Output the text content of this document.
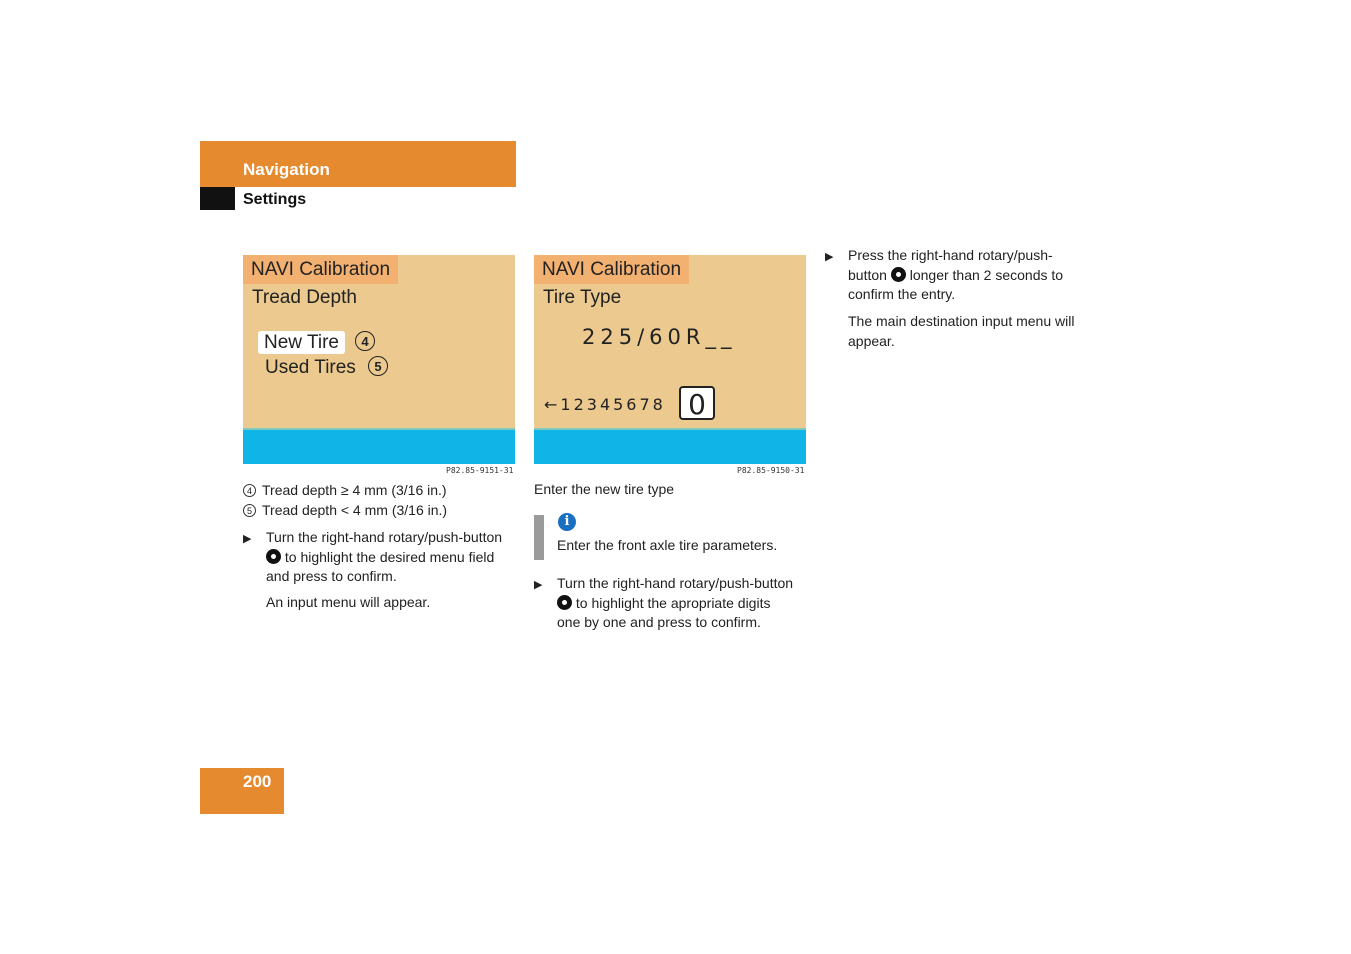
Navigation
Settings
NAVI Calibration
Tread Depth
New Tire	4
Used Tires	5
P82.85-9151-31
NAVI Calibration
Tire Type
225/60R__
←12345678 0
P82.85-9150-31
4 Tread depth ≥ 4 mm (3/16 in.)
5 Tread depth < 4 mm (3/16 in.)
▶ Turn the right-hand rotary/push-button
to highlight the desired menu field
and press to confirm.
An input menu will appear.
Enter the new tire type
i
Enter the front axle tire parameters.
▶ Turn the right-hand rotary/push-button
to highlight the apropriate digits
one by one and press to confirm.
▶ Press the right-hand rotary/push-
button longer than 2 seconds to
confirm the entry.
The main destination input menu will
appear.
200
